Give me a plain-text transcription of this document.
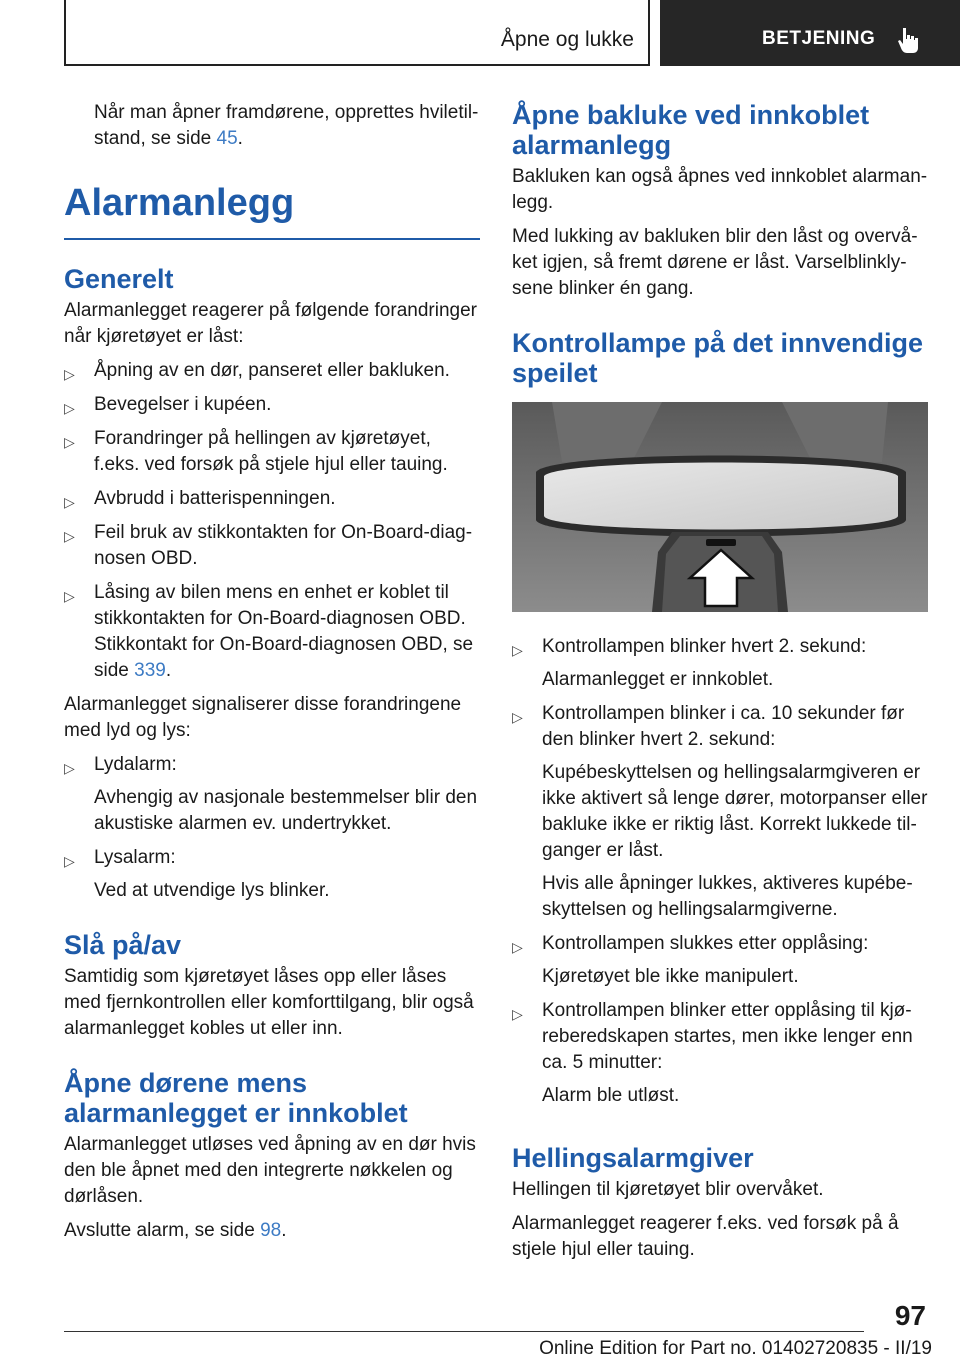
Åpne og lukke	BETJENING

Når man åpner framdørene, opprettes hviletil‐stand, se side 45.

Alarmanlegg
Generelt

Alarmanlegget reagerer på følgende forandringer når kjøretøyet er låst:

▷ Åpning av en dør, panseret eller bakluken.
▷ Bevegelser i kupéen.
▷ Forandringer på hellingen av kjøretøyet, f.eks. ved forsøk på stjele hjul eller tauing.
▷ Avbrudd i batterispenningen.
▷ Feil bruk av stikkontakten for On-Board-diag‐nosen OBD.
▷ Låsing av bilen mens en enhet er koblet til stikkontakten for On-Board-diagnosen OBD. Stikkontakt for On-Board-diagnosen OBD, se side 339.

Alarmanlegget signaliserer disse forandringene med lyd og lys:

▷ Lydalarm:
Avhengig av nasjonale bestemmelser blir den akustiske alarmen ev. undertrykket.
▷ Lysalarm:
Ved at utvendige lys blinker.
Slå på/av

Samtidig som kjøretøyet låses opp eller låses med fjernkontrollen eller komforttilgang, blir også alarmanlegget kobles ut eller inn.

Åpne dørene mens alarmanlegget er innkoblet

Alarmanlegget utløses ved åpning av en dør hvis den ble åpnet med den integrerte nøkkelen og dørlåsen.

Avslutte alarm, se side 98.

Åpne bakluke ved innkoblet alarmanlegg

Bakluken kan også åpnes ved innkoblet alarman‐legg.

Med lukking av bakluken blir den låst og overvå‐ket igjen, så fremt dørene er låst. Varselblinkly‐sene blinker én gang.

Kontrollampe på det innvendige speilet
▷ Kontrollampen blinker hvert 2. sekund:
Alarmanlegget er innkoblet.
▷ Kontrollampen blinker i ca. 10 sekunder før den blinker hvert 2. sekund:
Kupébeskyttelsen og hellingsalarmgiveren er ikke aktivert så lenge dører, motorpanser eller bakluke ikke er riktig låst. Korrekt lukkede til‐ganger er låst.
Hvis alle åpninger lukkes, aktiveres kupébe‐skyttelsen og hellingsalarmgiverne.
▷ Kontrollampen slukkes etter opplåsing:
Kjøretøyet ble ikke manipulert.
▷ Kontrollampen blinker etter opplåsing til kjø‐reberedskapen startes, men ikke lenger enn ca. 5 minutter:
Alarm ble utløst.
Hellingsalarmgiver

Hellingen til kjøretøyet blir overvåket.

Alarmanlegget reagerer f.eks. ved forsøk på å stjele hjul eller tauing.

97
Online Edition for Part no. 01402720835 - II/19
